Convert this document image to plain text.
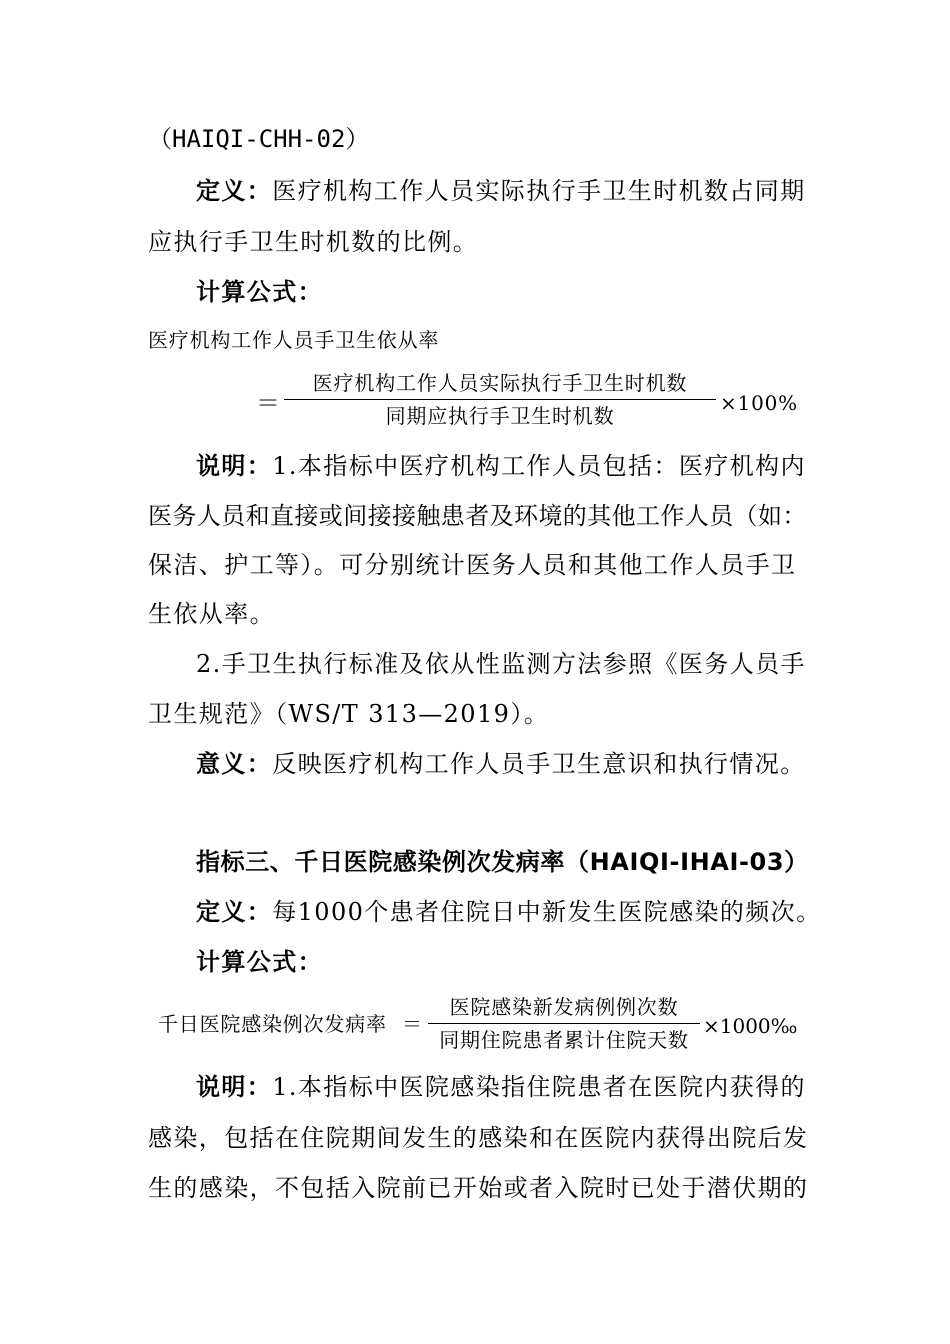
（HAIQI-CHH-02）
定义：医疗机构工作人员实际执行手卫生时机数占同期
应执行手卫生时机数的比例。
计算公式：
医疗机构工作人员手卫生依从率
＝
医疗机构工作人员实际执行手卫生时机数
同期应执行手卫生时机数
×100%
说明：1.本指标中医疗机构工作人员包括：医疗机构内
医务人员和直接或间接接触患者及环境的其他工作人员（如：
保洁、护工等）。可分别统计医务人员和其他工作人员手卫
生依从率。
2.手卫生执行标准及依从性监测方法参照《医务人员手
卫生规范》（WS/T 313—2019）。
意义：反映医疗机构工作人员手卫生意识和执行情况。
指标三、千日医院感染例次发病率（HAIQI-IHAI-03）
定义：每1000个患者住院日中新发生医院感染的频次。
计算公式：
千日医院感染例次发病率 ＝
医院感染新发病例例次数
同期住院患者累计住院天数
×1000‰
说明：1.本指标中医院感染指住院患者在医院内获得的
感染，包括在住院期间发生的感染和在医院内获得出院后发
生的感染，不包括入院前已开始或者入院时已处于潜伏期的
